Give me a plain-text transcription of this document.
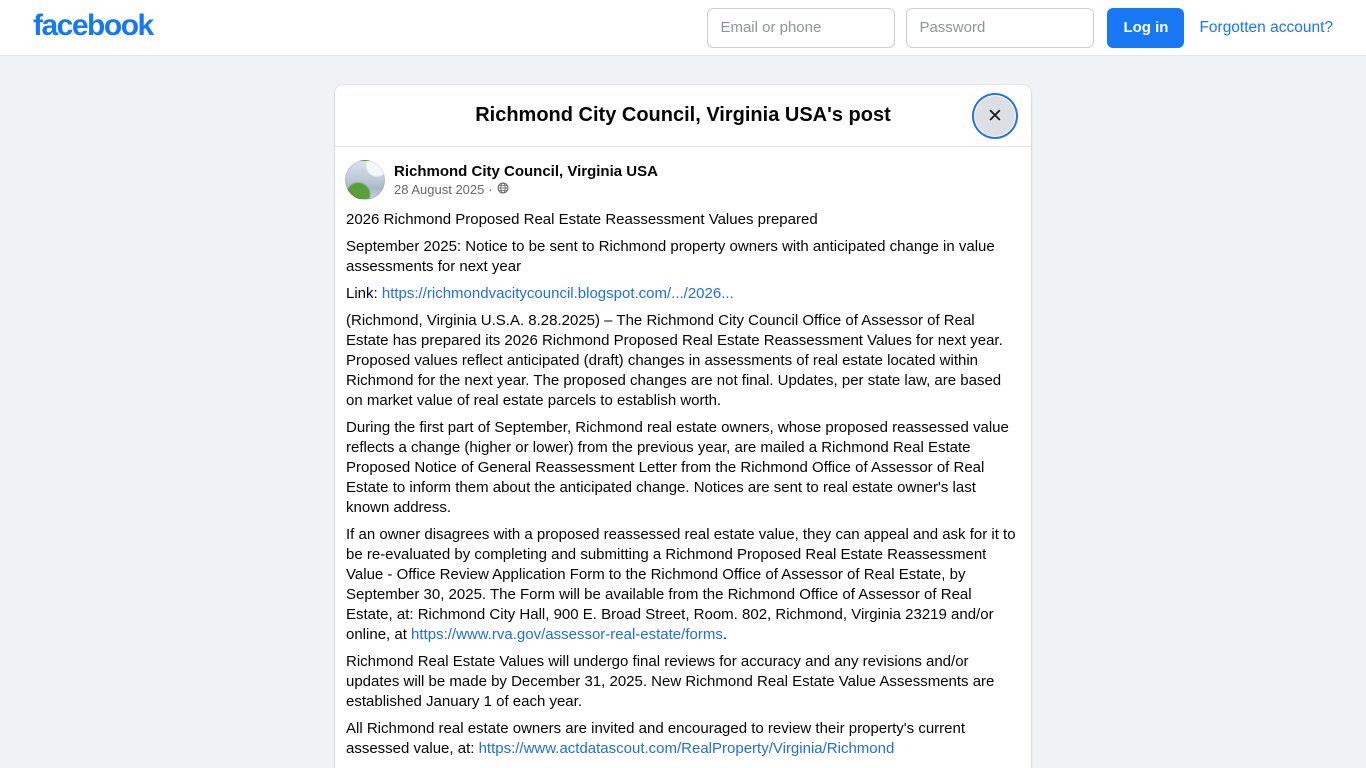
facebook
Email or phone	Log in	Forgotten account?
Richmond City Council, Virginia USA's post	✕
Richmond City Council, Virginia USA
28 August 2025 ·

2026 Richmond Proposed Real Estate Reassessment Values prepared

September 2025: Notice to be sent to Richmond property owners with anticipated change in value assessments for next year

Link: https://richmondvacitycouncil.blogspot.com/.../2026...

(Richmond, Virginia U.S.A. 8.28.2025) – The Richmond City Council Office of Assessor of Real Estate has prepared its 2026 Richmond Proposed Real Estate Reassessment Values for next year. Proposed values reflect anticipated (draft) changes in assessments of real estate located within Richmond for the next year. The proposed changes are not final. Updates, per state law, are based on market value of real estate parcels to establish worth.

During the first part of September, Richmond real estate owners, whose proposed reassessed value reflects a change (higher or lower) from the previous year, are mailed a Richmond Real Estate Proposed Notice of General Reassessment Letter from the Richmond Office of Assessor of Real Estate to inform them about the anticipated change. Notices are sent to real estate owner's last known address.

If an owner disagrees with a proposed reassessed real estate value, they can appeal and ask for it to be re-evaluated by completing and submitting a Richmond Proposed Real Estate Reassessment Value - Office Review Application Form to the Richmond Office of Assessor of Real Estate, by September 30, 2025. The Form will be available from the Richmond Office of Assessor of Real Estate, at: Richmond City Hall, 900 E. Broad Street, Room. 802, Richmond, Virginia 23219 and/or online, at https://www.rva.gov/assessor-real-estate/forms.

Richmond Real Estate Values will undergo final reviews for accuracy and any revisions and/or updates will be made by December 31, 2025. New Richmond Real Estate Value Assessments are established January 1 of each year.

All Richmond real estate owners are invited and encouraged to review their property's current assessed value, at: https://www.actdatascout.com/RealProperty/Virginia/Richmond
